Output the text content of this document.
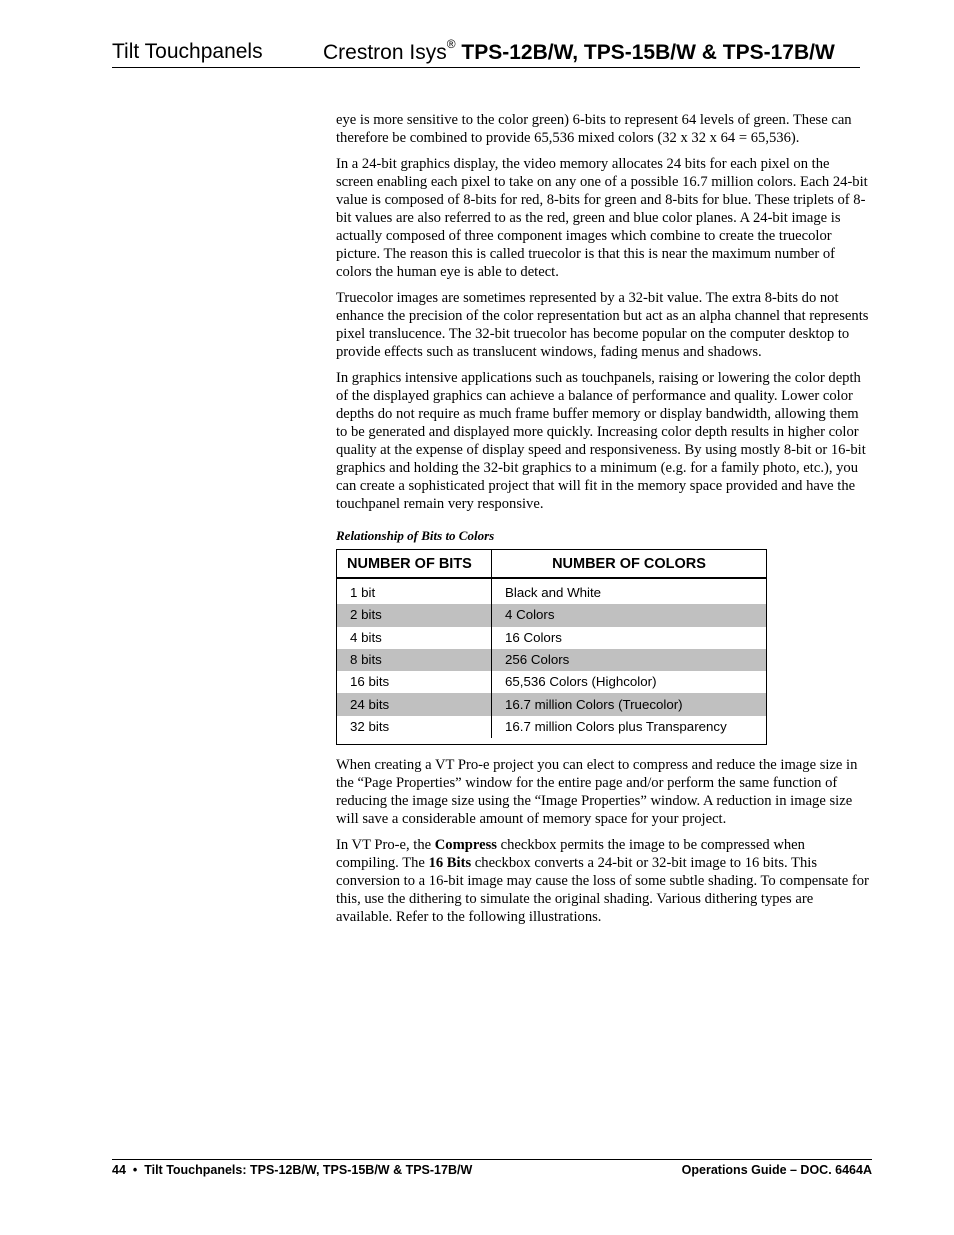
Tilt Touchpanels	Crestron Isys® TPS-12B/W, TPS-15B/W & TPS-17B/W

eye is more sensitive to the color green) 6-bits to represent 64 levels of green. These can therefore be combined to provide 65,536 mixed colors (32 x 32 x 64 = 65,536).

In a 24-bit graphics display, the video memory allocates 24 bits for each pixel on the screen enabling each pixel to take on any one of a possible 16.7 million colors. Each 24-bit value is composed of 8-bits for red, 8-bits for green and 8-bits for blue. These triplets of 8-bit values are also referred to as the red, green and blue color planes. A 24-bit image is actually composed of three component images which combine to create the truecolor picture. The reason this is called truecolor is that this is near the maximum number of colors the human eye is able to detect.

Truecolor images are sometimes represented by a 32-bit value. The extra 8-bits do not enhance the precision of the color representation but act as an alpha channel that represents pixel translucence. The 32-bit truecolor has become popular on the computer desktop to provide effects such as translucent windows, fading menus and shadows.

In graphics intensive applications such as touchpanels, raising or lowering the color depth of the displayed graphics can achieve a balance of performance and quality. Lower color depths do not require as much frame buffer memory or display bandwidth, allowing them to be generated and displayed more quickly. Increasing color depth results in higher color quality at the expense of display speed and responsiveness. By using mostly 8-bit or 16-bit graphics and holding the 32-bit graphics to a minimum (e.g. for a family photo, etc.), you can create a sophisticated project that will fit in the memory space provided and have the touchpanel remain very responsive.

Relationship of Bits to Colors
NUMBER OF BITS	NUMBER OF COLORS
1 bit	Black and White
2 bits	4 Colors
4 bits	16 Colors
8 bits	256 Colors
16 bits	65,536 Colors (Highcolor)
24 bits	16.7 million Colors (Truecolor)
32 bits	16.7 million Colors plus Transparency

When creating a VT Pro-e project you can elect to compress and reduce the image size in the “Page Properties” window for the entire page and/or perform the same function of reducing the image size using the “Image Properties” window. A reduction in image size will save a considerable amount of memory space for your project.

In VT Pro-e, the Compress checkbox permits the image to be compressed when compiling. The 16 Bits checkbox converts a 24-bit or 32-bit image to 16 bits. This conversion to a 16-bit image may cause the loss of some subtle shading. To compensate for this, use the dithering to simulate the original shading. Various dithering types are available. Refer to the following illustrations.

44 • Tilt Touchpanels: TPS-12B/W, TPS-15B/W & TPS-17B/W	Operations Guide – DOC. 6464A
